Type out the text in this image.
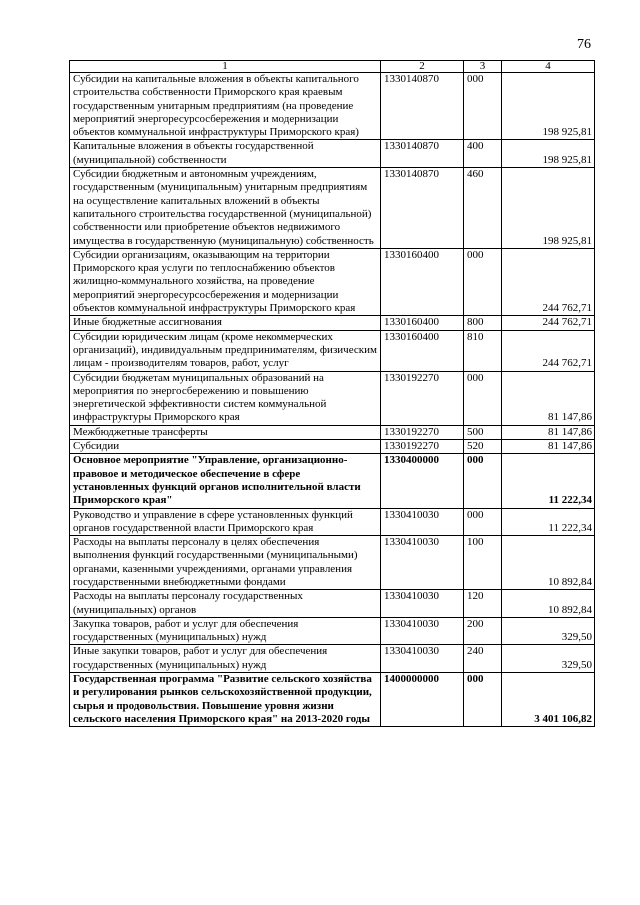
76
1	2	3	4
Субсидии на капитальные вложения в объекты капитального строительства собственности Приморского края краевым государственным унитарным предприятиям (на проведение мероприятий энергоресурсосбережения и модернизации объектов коммунальной инфраструктуры Приморского края)	1330140870	000	198 925,81
Капитальные вложения в объекты государственной (муниципальной) собственности	1330140870	400	198 925,81
Субсидии бюджетным и автономным учреждениям, государственным (муниципальным) унитарным предприятиям на осуществление капитальных вложений в объекты капитального строительства государственной (муниципальной) собственности или приобретение объектов недвижимого имущества в государственную (муниципальную) собственность	1330140870	460	198 925,81
Субсидии организациям, оказывающим на территории Приморского края услуги по теплоснабжению объектов жилищно-коммунального хозяйства, на проведение мероприятий энергоресурсосбережения и модернизации объектов коммунальной инфраструктуры Приморского края	1330160400	000	244 762,71
Иные бюджетные ассигнования	1330160400	800	244 762,71
Субсидии юридическим лицам (кроме некоммерческих организаций), индивидуальным предпринимателям, физическим лицам - производителям товаров, работ, услуг	1330160400	810	244 762,71
Субсидии бюджетам муниципальных образований на мероприятия по энергосбережению и повышению энергетической эффективности систем коммунальной инфраструктуры Приморского края	1330192270	000	81 147,86
Межбюджетные трансферты	1330192270	500	81 147,86
Субсидии	1330192270	520	81 147,86
Основное мероприятие "Управление, организационно-правовое и методическое обеспечение в сфере установленных функций органов исполнительной власти Приморского края"	1330400000	000	11 222,34
Руководство и управление в сфере установленных функций органов государственной власти Приморского края	1330410030	000	11 222,34
Расходы на выплаты персоналу в целях обеспечения выполнения функций государственными (муниципальными) органами, казенными учреждениями, органами управления государственными внебюджетными фондами	1330410030	100	10 892,84
Расходы на выплаты персоналу государственных (муниципальных) органов	1330410030	120	10 892,84
Закупка товаров, работ и услуг для обеспечения государственных (муниципальных) нужд	1330410030	200	329,50
Иные закупки товаров, работ и услуг для обеспечения государственных (муниципальных) нужд	1330410030	240	329,50
Государственная программа "Развитие сельского хозяйства и регулирования рынков сельскохозяйственной продукции, сырья и продовольствия. Повышение уровня жизни сельского населения Приморского края" на 2013-2020 годы	1400000000	000	3 401 106,82
